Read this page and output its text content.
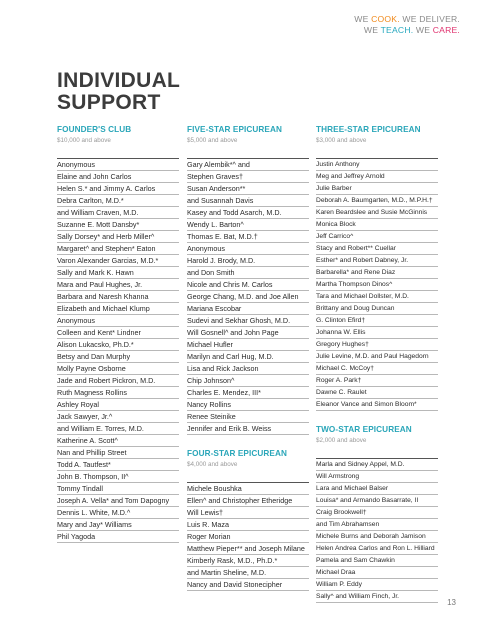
WE COOK. WE DELIVER.
WE TEACH. WE CARE.
INDIVIDUAL
SUPPORT
FOUNDER'S CLUB
$10,000 and above
Anonymous
Elaine and John Carlos
Helen S.* and Jimmy A. Carlos
Debra Carlton, M.D.*
and William Craven, M.D.
Suzanne E. Mott Dansby*
Sally Dorsey* and Herb Miller^
Margaret^ and Stephen* Eaton
Varon Alexander Garcias, M.D.*
Sally and Mark K. Hawn
Mara and Paul Hughes, Jr.
Barbara and Naresh Khanna
Elizabeth and Michael Klump
Anonymous
Colleen and Kent* Lindner
Alison Lukacsko, Ph.D.*
Betsy and Dan Murphy
Molly Payne Osborne
Jade and Robert Pickron, M.D.
Ruth Magness Rollins
Ashley Royal
Jack Sawyer, Jr.^
and William E. Torres, M.D.
Katherine A. Scott^
Nan and Phillip Street
Todd A. Tautfest*
John B. Thompson, II^
Tommy Tindall
Joseph A. Vella* and Tom Dapogny
Dennis L. White, M.D.^
Mary and Jay* Williams
Phil Yagoda
FIVE-STAR EPICUREAN
$5,000 and above
Gary Alembik*^ and
Stephen Graves†
Susan Anderson**
and Susannah Davis
Kasey and Todd Asarch, M.D.
Wendy L. Barton^
Thomas E. Bat, M.D.†
Anonymous
Harold J. Brody, M.D.
and Don Smith
Nicole and Chris M. Carlos
George Chang, M.D. and Joe Allen
Mariana Escobar
Sudevi and Sekhar Ghosh, M.D.
Will Gosnell^ and John Page
Michael Hufler
Marilyn and Carl Hug, M.D.
Lisa and Rick Jackson
Chip Johnson^
Charles E. Mendez, III*
Nancy Rollins
Renee Steinike
Jennifer and Erik B. Weiss
FOUR-STAR EPICUREAN
$4,000 and above
Michele Boushka
Ellen^ and Christopher Etheridge
Will Lewis†
Luis R. Maza
Roger Morian
Matthew Pieper** and Joseph Milane
Kimberly Rask, M.D., Ph.D.*
and Martin Sheline, M.D.
Nancy and David Stonecipher
THREE-STAR EPICUREAN
$3,000 and above
Justin Anthony
Meg and Jeffrey Arnold
Julie Barber
Deborah A. Baumgarten, M.D., M.P.H.†
Karen Beardslee and Susie McGinnis
Monica Block
Jeff Carrico^
Stacy and Robert** Cuellar
Esther* and Robert Dabney, Jr.
Barbarella* and Rene Diaz
Martha Thompson Dinos^
Tara and Michael Dollster, M.D.
Brittany and Doug Duncan
G. Clinton Efird†
Johanna W. Ellis
Gregory Hughes†
Julie Levine, M.D. and Paul Hagedorn
Michael C. McCoy†
Roger A. Park†
Dawne C. Raulet
Eleanor Vance and Simon Bloom*
TWO-STAR EPICUREAN
$2,000 and above
Marla and Sidney Appel, M.D.
Will Armstrong
Lara and Michael Balser
Louisa* and Armando Basarrate, II
Craig Brookwell†
and Tim Abrahamsen
Michele Burns and Deborah Jamison
Helen Andrea Carlos and Ron L. Hilliard
Pamela and Sam Chawkin
Michael Draa
William P. Eddy
Sally^ and William Finch, Jr.
13
